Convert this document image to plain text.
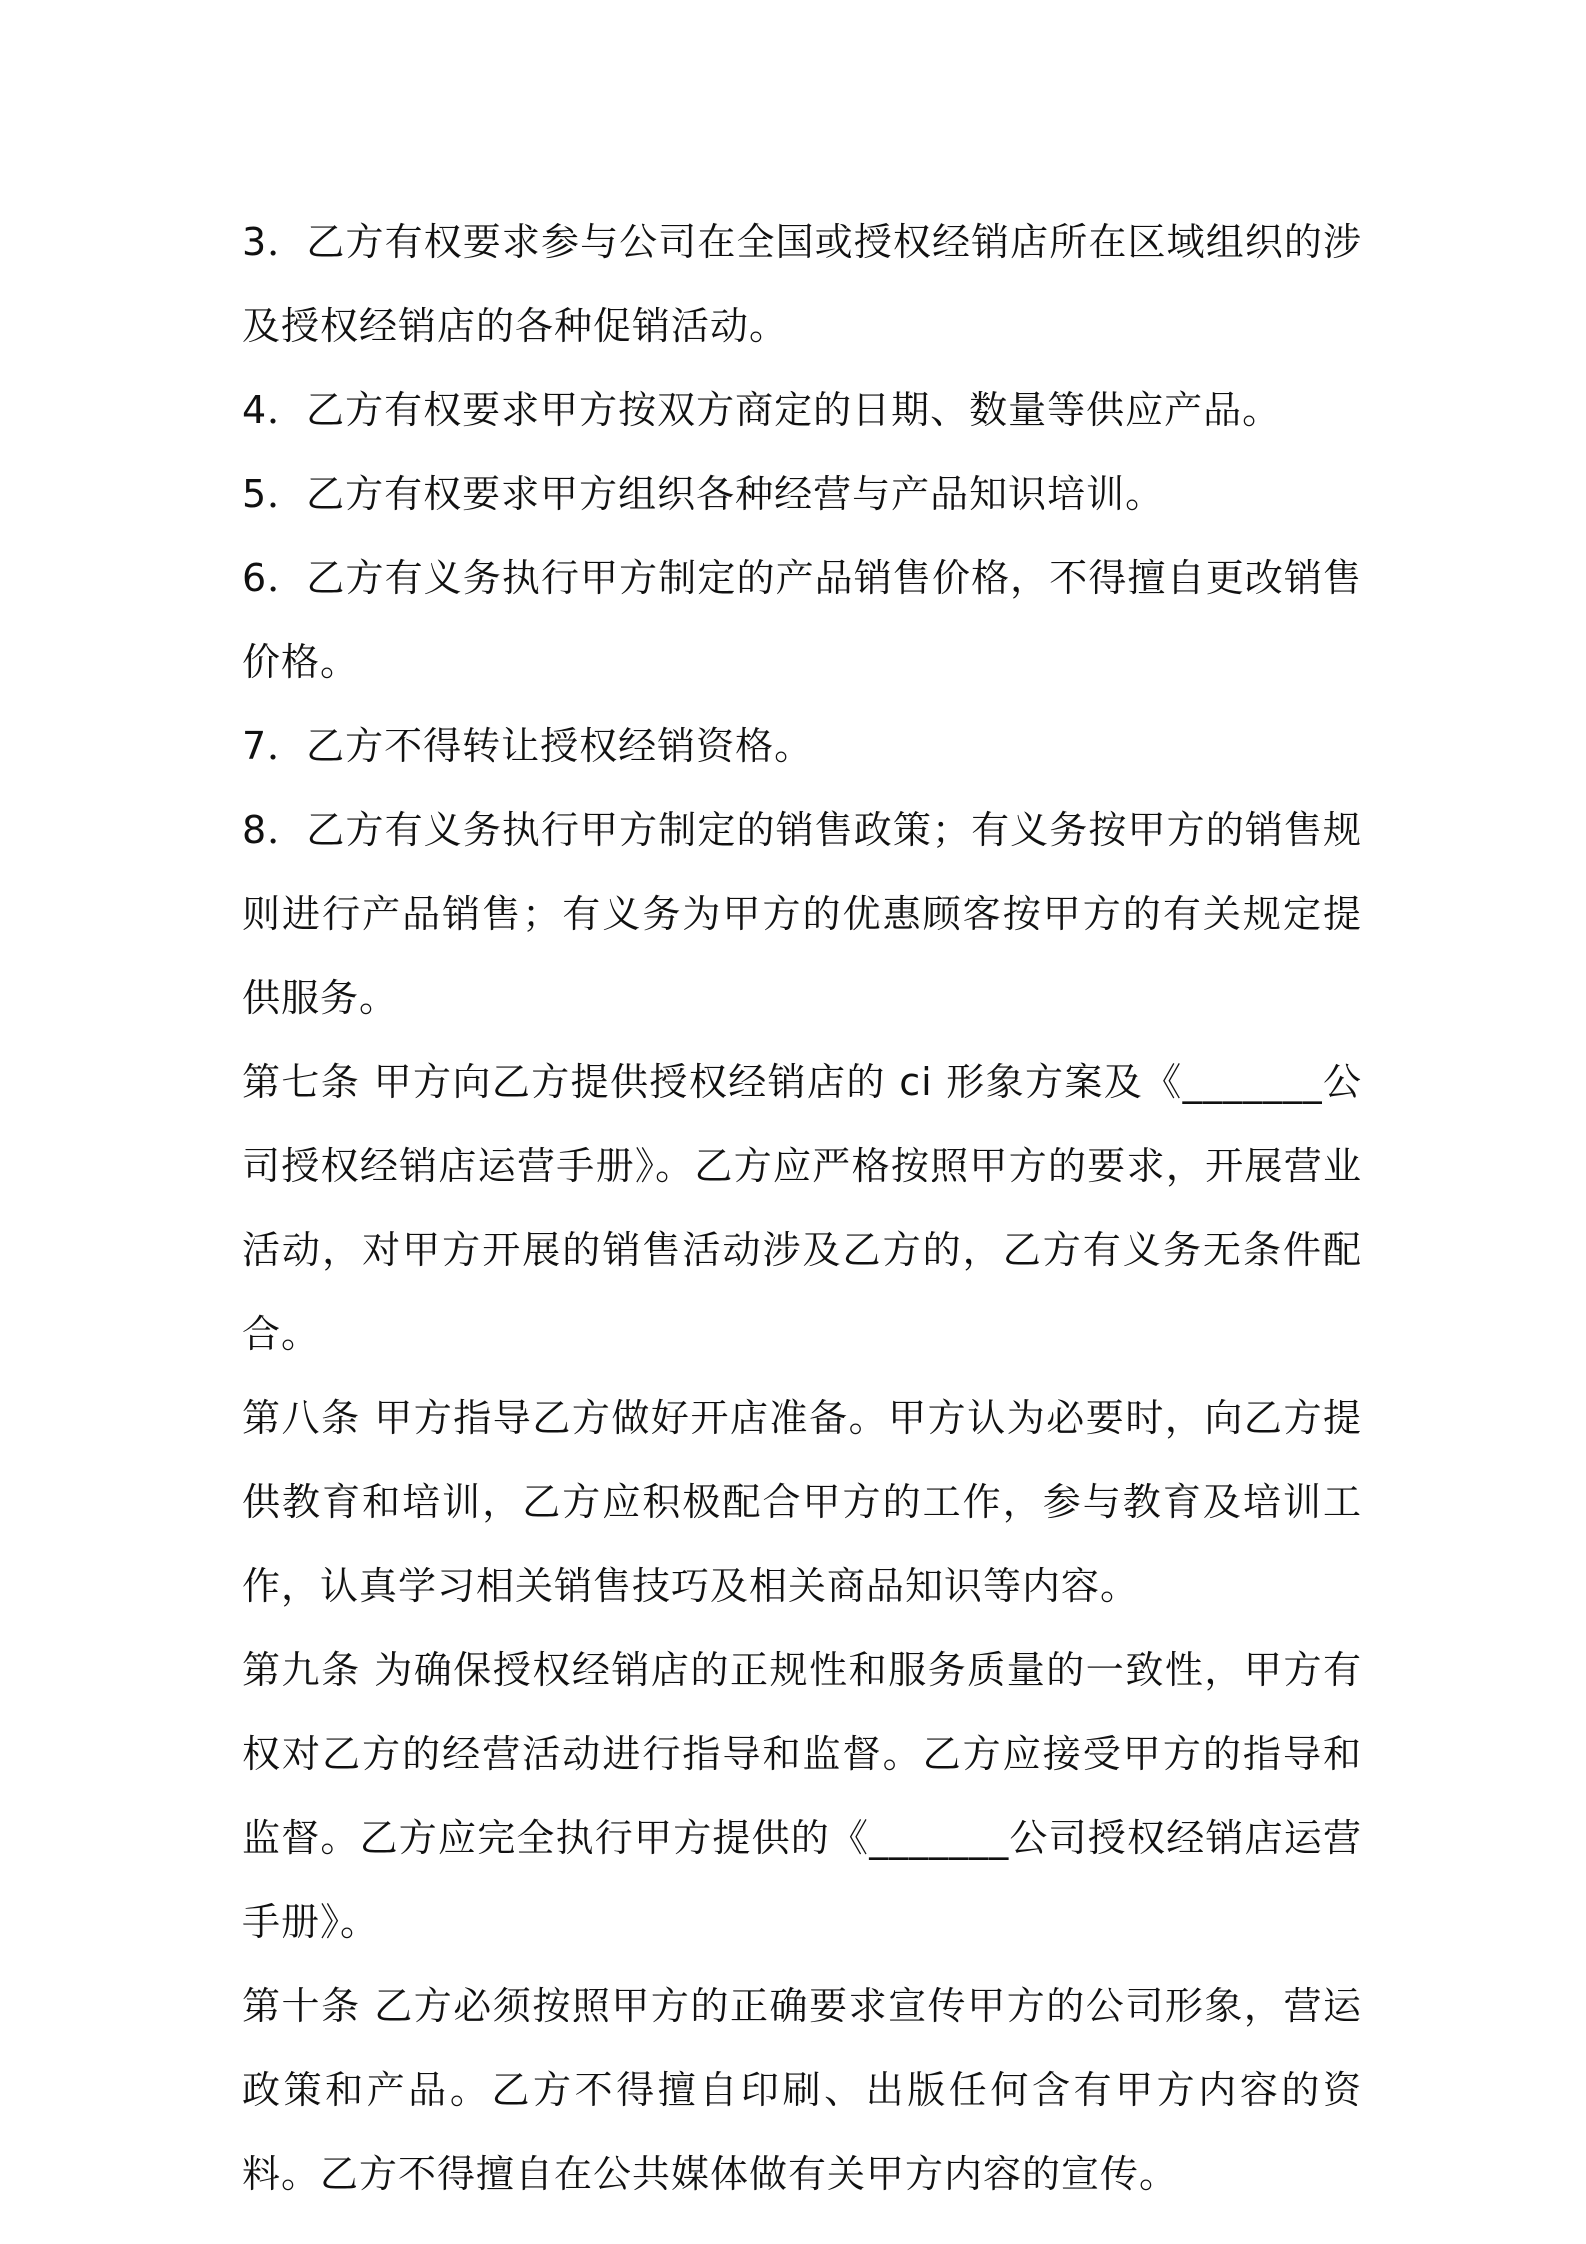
3．乙方有权要求参与公司在全国或授权经销店所在区域组织的涉及授权经销店的各种促销活动。

4．乙方有权要求甲方按双方商定的日期、数量等供应产品。

5．乙方有权要求甲方组织各种经营与产品知识培训。

6．乙方有义务执行甲方制定的产品销售价格，不得擅自更改销售价格。

7．乙方不得转让授权经销资格。

8．乙方有义务执行甲方制定的销售政策；有义务按甲方的销售规则进行产品销售；有义务为甲方的优惠顾客按甲方的有关规定提供服务。

第七条 甲方向乙方提供授权经销店的 ci 形象方案及《_______公司授权经销店运营手册》。乙方应严格按照甲方的要求，开展营业活动，对甲方开展的销售活动涉及乙方的，乙方有义务无条件配合。

第八条 甲方指导乙方做好开店准备。甲方认为必要时，向乙方提供教育和培训，乙方应积极配合甲方的工作，参与教育及培训工作，认真学习相关销售技巧及相关商品知识等内容。

第九条 为确保授权经销店的正规性和服务质量的一致性，甲方有权对乙方的经营活动进行指导和监督。乙方应接受甲方的指导和监督。乙方应完全执行甲方提供的《_______公司授权经销店运营手册》。

第十条 乙方必须按照甲方的正确要求宣传甲方的公司形象，营运政策和产品。乙方不得擅自印刷、出版任何含有甲方内容的资料。乙方不得擅自在公共媒体做有关甲方内容的宣传。
